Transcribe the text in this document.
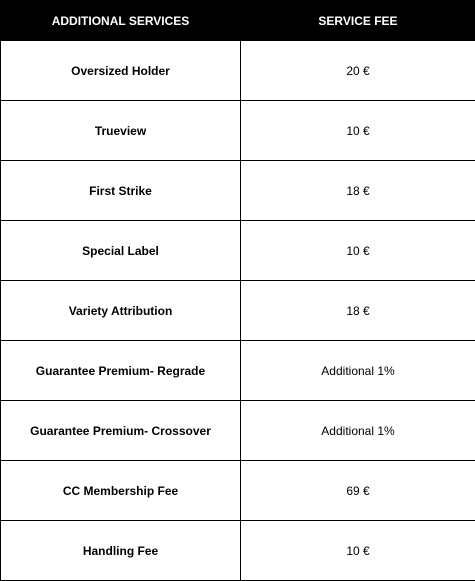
ADDITIONAL SERVICES	SERVICE FEE
Oversized Holder	20 €
Trueview	10 €
First Strike	18 €
Special Label	10 €
Variety Attribution	18 €
Guarantee Premium- Regrade	Additional 1%
Guarantee Premium- Crossover	Additional 1%
CC Membership Fee	69 €
Handling Fee	10 €
